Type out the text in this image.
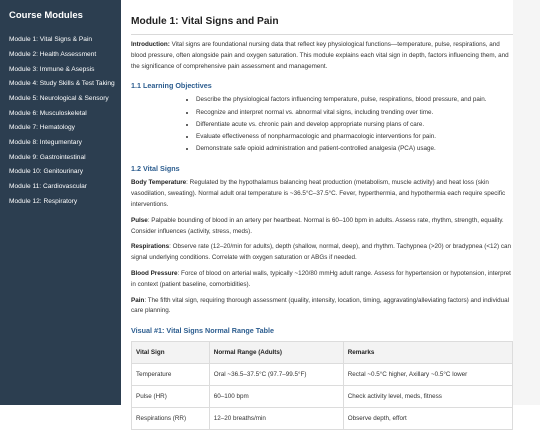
Course Modules
Module 1: Vital Signs & Pain
Module 2: Health Assessment
Module 3: Immune & Asepsis
Module 4: Study Skills & Test Taking
Module 5: Neurological & Sensory
Module 6: Musculoskeletal
Module 7: Hematology
Module 8: Integumentary
Module 9: Gastrointestinal
Module 10: Genitourinary
Module 11: Cardiovascular
Module 12: Respiratory
Module 1: Vital Signs and Pain

Introduction: Vital signs are foundational nursing data that reflect key physiological functions—temperature, pulse, respirations, and blood pressure, often alongside pain and oxygen saturation. This module explains each vital sign in depth, factors influencing them, and the significance of comprehensive pain assessment and management.

1.1 Learning Objectives
• Describe the physiological factors influencing temperature, pulse, respirations, blood pressure, and pain.
• Recognize and interpret normal vs. abnormal vital signs, including trending over time.
• Differentiate acute vs. chronic pain and develop appropriate nursing plans of care.
• Evaluate effectiveness of nonpharmacologic and pharmacologic interventions for pain.
• Demonstrate safe opioid administration and patient-controlled analgesia (PCA) usage.
1.2 Vital Signs

Body Temperature: Regulated by the hypothalamus balancing heat production (metabolism, muscle activity) and heat loss (skin vasodilation, sweating). Normal adult oral temperature is ~36.5°C–37.5°C. Fever, hyperthermia, and hypothermia each require specific interventions.

Pulse: Palpable bounding of blood in an artery per heartbeat. Normal is 60–100 bpm in adults. Assess rate, rhythm, strength, equality. Consider influences (activity, stress, meds).

Respirations: Observe rate (12–20/min for adults), depth (shallow, normal, deep), and rhythm. Tachypnea (>20) or bradypnea (<12) can signal underlying conditions. Correlate with oxygen saturation or ABGs if needed.

Blood Pressure: Force of blood on arterial walls, typically ~120/80 mmHg adult range. Assess for hypertension or hypotension, interpret in context (patient baseline, comorbidities).

Pain: The fifth vital sign, requiring thorough assessment (quality, intensity, location, timing, aggravating/alleviating factors) and individual care planning.

Visual #1: Vital Signs Normal Range Table
Vital Sign	Normal Range (Adults)	Remarks
Temperature	Oral ~36.5–37.5°C (97.7–99.5°F)	Rectal ~0.5°C higher, Axillary ~0.5°C lower
Pulse (HR)	60–100 bpm	Check activity level, meds, fitness
Respirations (RR)	12–20 breaths/min	Observe depth, effort
